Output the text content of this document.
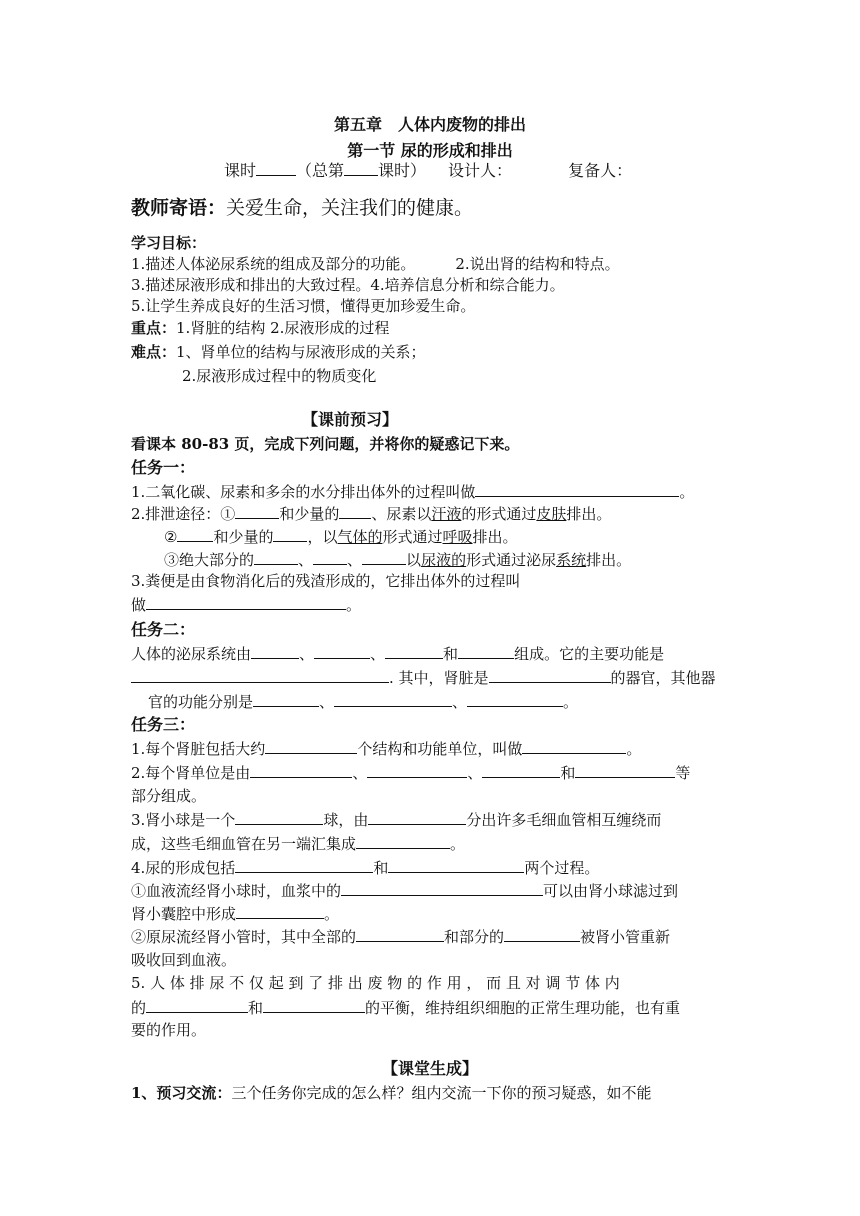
第五章　人体内废物的排出
第一节 尿的形成和排出
课时	（总第 课时） 设计人：	复备人：
教师寄语：关爱生命，关注我们的健康。
学习目标：
1.描述人体泌尿系统的组成及部分的功能。	2.说出肾的结构和特点。
3.描述尿液形成和排出的大致过程。4.培养信息分析和综合能力。
5.让学生养成良好的生活习惯，懂得更加珍爱生命。
重点：1.肾脏的结构 2.尿液形成的过程
难点：1、肾单位的结构与尿液形成的关系；
2.尿液形成过程中的物质变化
【课前预习】
看课本 80-83 页，完成下列问题，并将你的疑惑记下来。
任务一：
1.二氧化碳、尿素和多余的水分排出体外的过程叫做	。
2.排泄途径：①	和少量的 、尿素以汗液的形式通过皮肤排出。
② 和少量的 ，以气体的形式通过呼吸排出。
③绝大部分的	、 、	以尿液的形式通过泌尿系统排出。
3.粪便是由食物消化后的残渣形成的，它排出体外的过程叫
做	。
任务二：
人体的泌尿系统由	、	、	和	组成。它的主要功能是
. 其中，肾脏是	的器官，其他器
官的功能分别是	、	、	。
任务三：
1.每个肾脏包括大约	个结构和功能单位，叫做	。
2.每个肾单位是由	、	、	和	等
部分组成。
3.肾小球是一个	球，由	分出许多毛细血管相互缠绕而
成，这些毛细血管在另一端汇集成	。
4.尿的形成包括	和	两个过程。
①血液流经肾小球时，血浆中的	可以由肾小球滤过到
肾小囊腔中形成	。
②原尿流经肾小管时，其中全部的	和部分的	被肾小管重新
吸收回到血液。
5. 人 体 排 尿 不 仅 起 到 了 排 出 废 物 的 作 用 ， 而 且 对 调 节 体 内
的	和	的平衡，维持组织细胞的正常生理功能，也有重
要的作用。
【课堂生成】
1、预习交流：三个任务你完成的怎么样？组内交流一下你的预习疑惑，如不能
